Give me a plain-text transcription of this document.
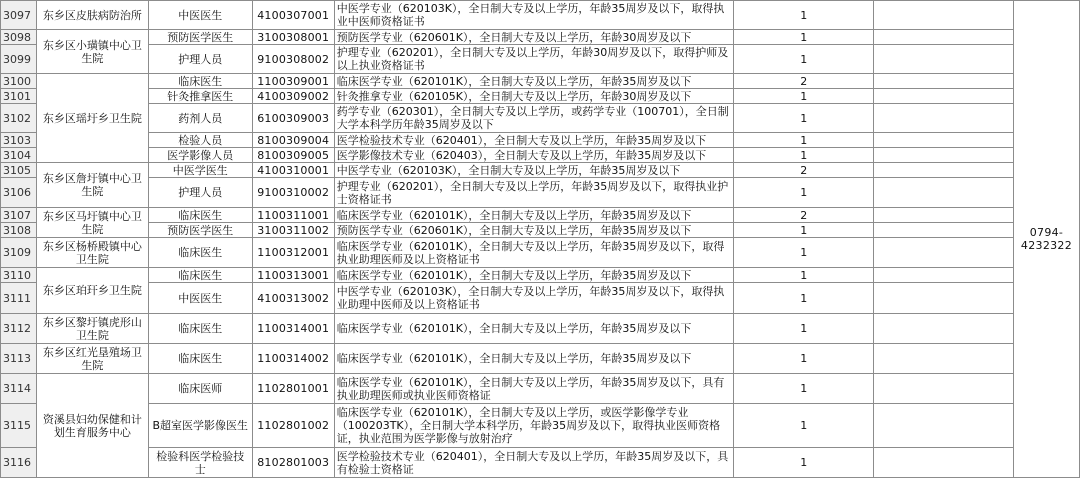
3097	东乡区皮肤病防治所	中医医生	4100307001	中医学专业（620103K），全日制大专及以上学历，年龄35周岁及以下，取得执业中医师资格证书	1		0794-4232322
3098	东乡区小璜镇中心卫生院	预防医学医生	3100308001	预防医学专业（620601K），全日制大专及以上学历，年龄30周岁及以下	1		
3099		护理人员	9100308002	护理专业（620201），全日制大专及以上学历，年龄30周岁及以下，取得护师及以上执业资格证书	1		
3100	东乡区瑶圩乡卫生院	临床医生	1100309001	临床医学专业（620101K），全日制大专及以上学历，年龄35周岁及以下	2		
3101		针灸推拿医生	4100309002	针灸推拿专业（620105K），全日制大专及以上学历，年龄30周岁及以下	1		
3102		药剂人员	6100309003	药学专业（620301），全日制大专及以上学历，或药学专业（100701），全日制大学本科学历年龄35周岁及以下	1		
3103		检验人员	8100309004	医学检验技术专业（620401），全日制大专及以上学历，年龄35周岁及以下	1		
3104		医学影像人员	8100309005	医学影像技术专业（620403），全日制大专及以上学历，年龄35周岁及以下	1		
3105	东乡区詹圩镇中心卫生院	中医学医生	4100310001	中医学专业（620103K），全日制大专及以上学历，年龄35周岁及以下	2		
3106		护理人员	9100310002	护理专业（620201），全日制大专及以上学历，年龄35周岁及以下，取得执业护士资格证书	1		
3107	东乡区马圩镇中心卫生院	临床医生	1100311001	临床医学专业（620101K），全日制大专及以上学历，年龄35周岁及以下	2		
3108		预防医学医生	3100311002	预防医学专业（620601K），全日制大专及以上学历，年龄35周岁及以下	1		
3109	东乡区杨桥殿镇中心卫生院	临床医生	1100312001	临床医学专业（620101K），全日制大专及以上学历，年龄35周岁及以下，取得执业助理医师及以上资格证书	1		
3110	东乡区珀玕乡卫生院	临床医生	1100313001	临床医学专业（620101K），全日制大专及以上学历，年龄35周岁及以下	1		
3111		中医医生	4100313002	中医学专业（620103K），全日制大专及以上学历，年龄35周岁及以下，取得执业助理中医师及以上资格证书	1		
3112	东乡区黎圩镇虎形山卫生院	临床医生	1100314001	临床医学专业（620101K），全日制大专及以上学历，年龄35周岁及以下	1		
3113	东乡区红光垦殖场卫生院	临床医生	1100314002	临床医学专业（620101K），全日制大专及以上学历，年龄35周岁及以下	1		
3114	资溪县妇幼保健和计划生育服务中心	临床医师	1102801001	临床医学专业（620101K），全日制大专及以上学历，年龄35周岁及以下，具有执业助理医师或执业医师资格证	1		
3115		B超室医学影像医生	1102801002	临床医学专业（620101K），全日制大专及以上学历，或医学影像学专业（100203TK），全日制大学本科学历，年龄35周岁及以下，取得执业医师资格证，执业范围为医学影像与放射治疗	1		
3116		检验科医学检验技士	8102801003	医学检验技术专业（620401），全日制大专及以上学历，年龄35周岁及以下，具有检验士资格证	1		
